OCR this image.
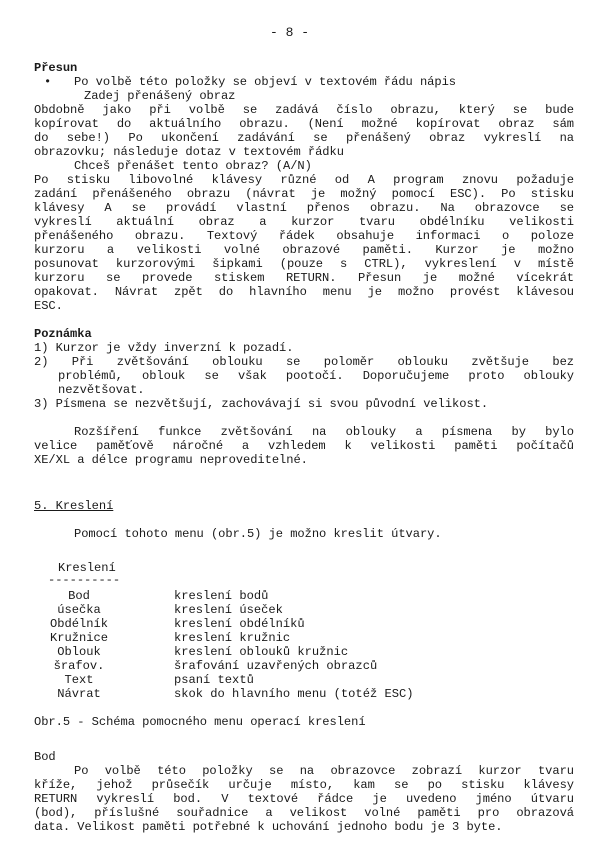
- 8 -
Přesun
•	Po volbě této položky se objeví v textovém řádu nápis
Zadej přenášený obraz
Obdobně jako při volbě se zadává číslo obrazu, který se bude
kopírovat do aktuálního obrazu. (Není možné kopírovat obraz sám
do sebe!) Po ukončení zadávání se přenášený obraz vykreslí na
obrazovku; následuje dotaz v textovém řádku
Chceš přenášet tento obraz? (A/N)
Po stisku libovolné klávesy různé od A program znovu požaduje
zadání přenášeného obrazu (návrat je možný pomocí ESC). Po stisku
klávesy A se provádí vlastní přenos obrazu. Na obrazovce se
vykreslí aktuální obraz a kurzor tvaru obdélníku velikosti
přenášeného obrazu. Textový řádek obsahuje informaci o poloze
kurzoru a velikosti volné obrazové paměti. Kurzor je možno
posunovat kurzorovými šipkami (pouze s CTRL), vykreslení v místě
kurzoru se provede stiskem RETURN. Přesun je možné vícekrát
opakovat. Návrat zpět do hlavního menu je možno provést klávesou
ESC.
Poznámka
1) Kurzor je vždy inverzní k pozadí.
2) Při zvětšování oblouku se poloměr oblouku zvětšuje bez
problémů, oblouk se však pootočí. Doporučujeme proto oblouky
nezvětšovat.
3) Písmena se nezvětšují, zachovávají si svou původní velikost.
Rozšíření funkce zvětšování na oblouky a písmena by bylo
velice paměťově náročné a vzhledem k velikosti paměti počítačů
XE/XL a délce programu neproveditelné.
5. Kreslení
Pomocí tohoto menu (obr.5) je možno kreslit útvary.
Kreslení
----------
Bod	kreslení bodů
úsečka	kreslení úseček
Obdélník	kreslení obdélníků
Kružnice	kreslení kružnic
Oblouk	kreslení oblouků kružnic
šrafov.	šrafování uzavřených obrazců
Text	psaní textů
Návrat	skok do hlavního menu (totéž ESC)
Obr.5 - Schéma pomocného menu operací kreslení
Bod
Po volbě této položky se na obrazovce zobrazí kurzor tvaru
kříže, jehož průsečík určuje místo, kam se po stisku klávesy
RETURN vykreslí bod. V textové řádce je uvedeno jméno útvaru
(bod), příslušné souřadnice a velikost volné paměti pro obrazová
data. Velikost paměti potřebné k uchování jednoho bodu je 3 byte.
